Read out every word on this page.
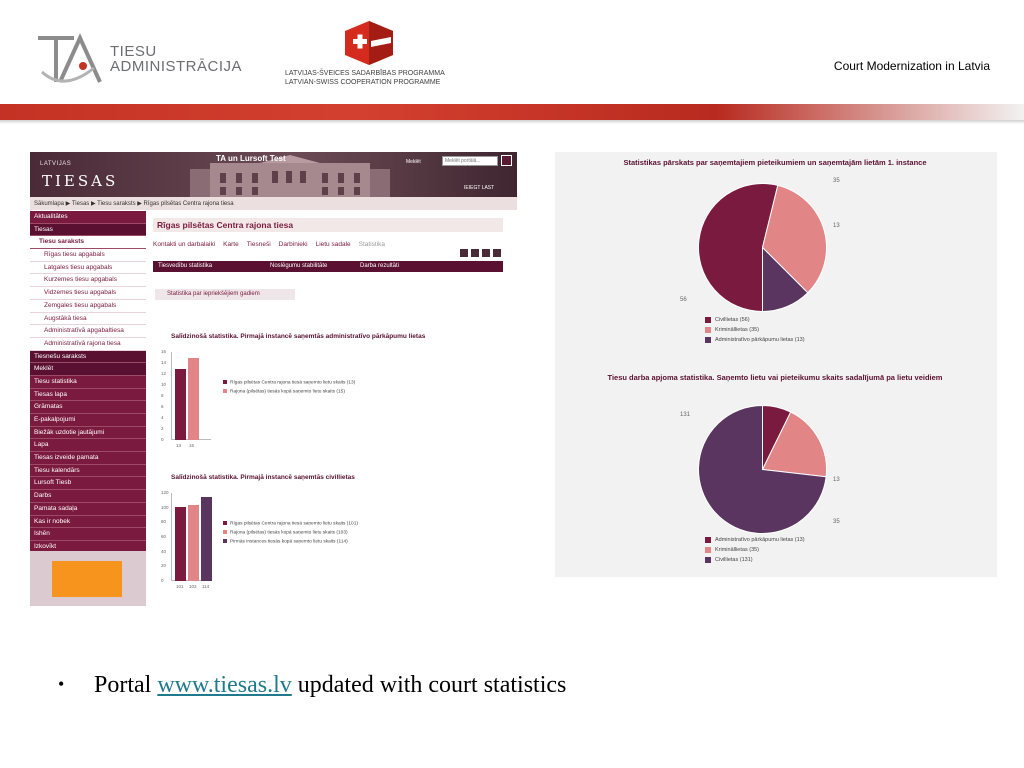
TIESU
ADMINISTRĀCIJA	LATVIJAS-ŠVEICES SADARBĪBAS PROGRAMMA
LATVIAN-SWISS COOPERATION PROGRAMME
Court Modernization in Latvia
LATVIJAS
TIESAS
TA un Lursoft Test	Meklēt	Meklēt portālā...
IEIEGT LAST
Sākumlapa ▶ Tiesas ▶ Tiesu saraksts ▶ Rīgas pilsētas Centra rajona tiesa
Aktualitātes
Tiesas
Tiesu saraksts
Rīgas tiesu apgabals
Latgales tiesu apgabals
Kurzemes tiesu apgabals
Vidzemes tiesu apgabals
Zemgales tiesu apgabals
Augstākā tiesa
Administratīvā apgabaltiesa
Administratīvā rajona tiesa
Tiesnešu saraksts
Meklēt
Tiesu statistika
Tiesas lapa
Grāmatas
E-pakalpojumi
Biežāk uzdotie jautājumi
Lapa
Tiesas izveide pamata
Tiesu kalendārs
Lursoft Tiesb
Darbs
Pamata sadaļa
Kas ir nobek
Ishēn
Izkovīkt
Rīgas pilsētas Centra rajona tiesa
Kontakti un darbalaiki Karte Tiesneši Darbinieki Lietu sadale Statistika
Tiesvedību statistika	Noslēgumu stabilitāte	Darba rezultāti
Statistika par iepriekšējiem gadiem
Salīdzinošā statistika. Pirmajā instancē saņemtās administratīvo pārkāpumu lietas
0
2
4
6
8
10
12
14
16
13
Rīgas pilsētas Centra rajona tiesā saņemto lietu skaits (13)
15
Rajona (pilsētas) tiesās kopā saņemto lietu skaits (15)
Salīdzinošā statistika. Pirmajā instancē saņemtās civillietas
0
20
40
60
80
100
120
101
Rīgas pilsētas Centra rajona tiesā saņemto lietu skaits (101)
103
Rajona (pilsētas) tiesās kopā saņemto lietu skaits (103)
114
Pirmās instances tiesās kopā saņemto lietu skaits (114)
Statistikas pārskats par saņemtajiem pieteikumiem un saņemtajām lietām 1. instance
35
13
56
Civillietas (56)
Krimināllietas (35)
Administratīvo pārkāpumu lietas (13)
Tiesu darba apjoma statistika. Saņemto lietu vai pieteikumu skaits sadalījumā pa lietu veidiem
131
13
35
Administratīvo pārkāpumu lietas (13)
Krimināllietas (35)
Civillietas (131)
• Portal www.tiesas.lv updated with court statistics
